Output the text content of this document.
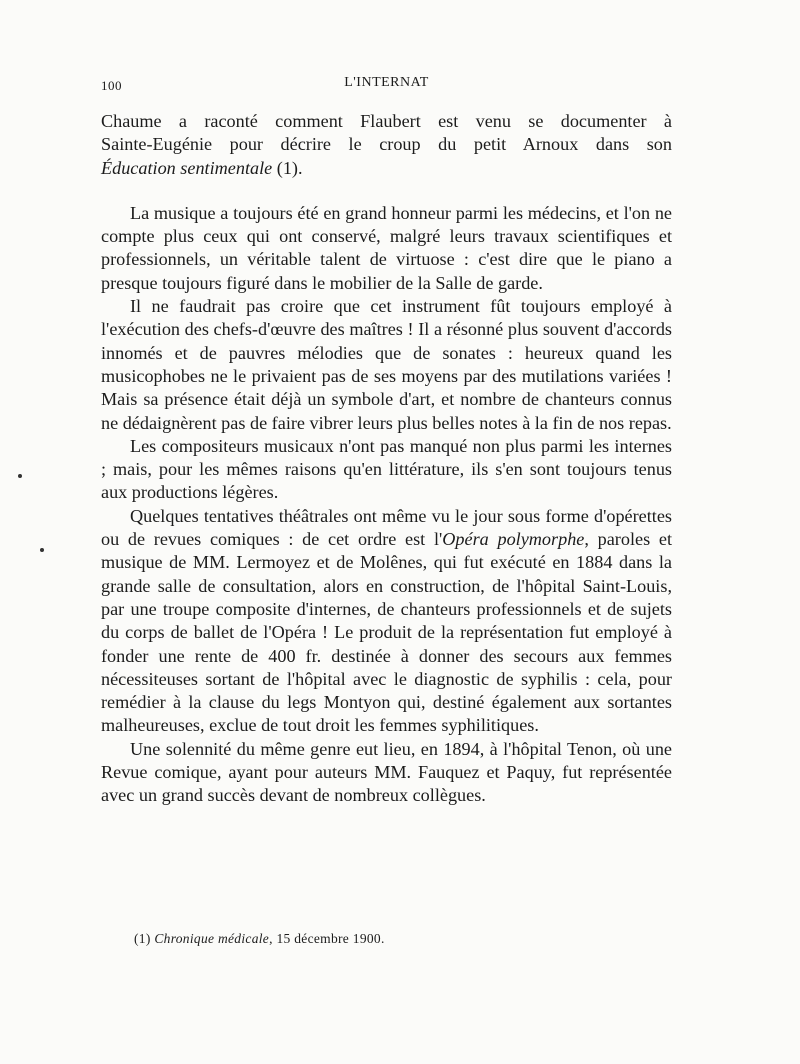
100	L'INTERNAT

Chaume a raconté comment Flaubert est venu se documenter à

Sainte-Eugénie pour décrire le croup du petit Arnoux dans son

Éducation sentimentale (1).

La musique a toujours été en grand honneur parmi les médecins, et l'on ne compte plus ceux qui ont conservé, malgré leurs travaux scientifiques et professionnels, un véritable talent de virtuose : c'est dire que le piano a presque toujours figuré dans le mobilier de la Salle de garde.

Il ne faudrait pas croire que cet instrument fût toujours employé à l'exécution des chefs-d'œuvre des maîtres ! Il a résonné plus souvent d'accords innomés et de pauvres mélodies que de sonates : heureux quand les musicophobes ne le privaient pas de ses moyens par des mutilations variées ! Mais sa présence était déjà un symbole d'art, et nombre de chanteurs connus ne dédaignèrent pas de faire vibrer leurs plus belles notes à la fin de nos repas.

Les compositeurs musicaux n'ont pas manqué non plus parmi les internes ; mais, pour les mêmes raisons qu'en littérature, ils s'en sont toujours tenus aux productions légères.

Quelques tentatives théâtrales ont même vu le jour sous forme d'opérettes ou de revues comiques : de cet ordre est l'Opéra polymorphe, paroles et musique de MM. Lermoyez et de Molênes, qui fut exécuté en 1884 dans la grande salle de consultation, alors en construction, de l'hôpital Saint-Louis, par une troupe composite d'internes, de chanteurs professionnels et de sujets du corps de ballet de l'Opéra ! Le produit de la représentation fut employé à fonder une rente de 400 fr. destinée à donner des secours aux femmes nécessiteuses sortant de l'hôpital avec le diagnostic de syphilis : cela, pour remédier à la clause du legs Montyon qui, destiné également aux sortantes malheureuses, exclue de tout droit les femmes syphilitiques.

Une solennité du même genre eut lieu, en 1894, à l'hôpital Tenon, où une Revue comique, ayant pour auteurs MM. Fauquez et Paquy, fut représentée avec un grand succès devant de nombreux collègues.

(1) Chronique médicale, 15 décembre 1900.
